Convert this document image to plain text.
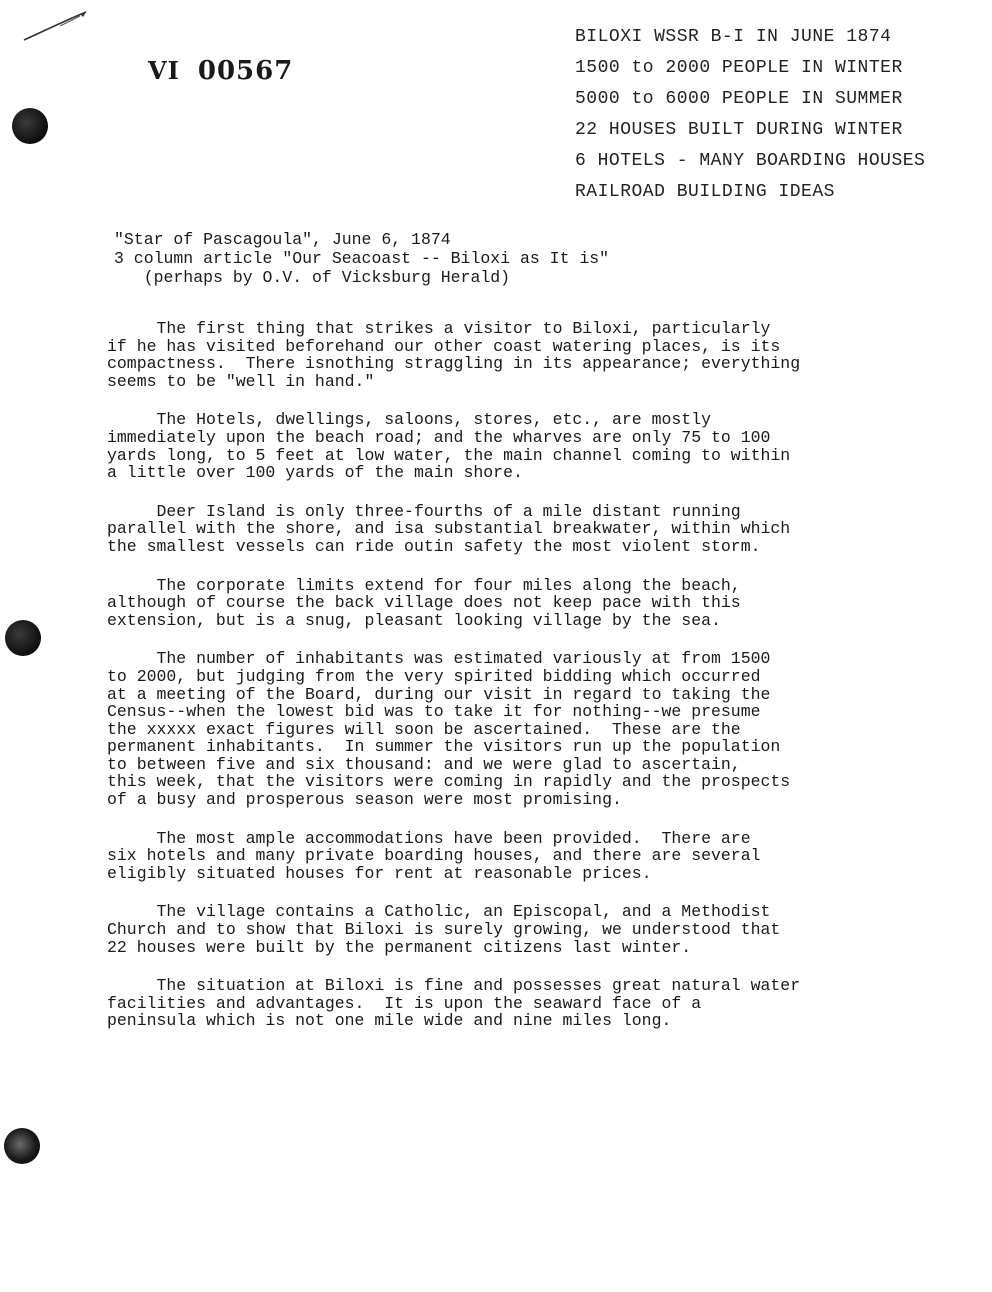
VI 00567
BILOXI WSSR B-I IN JUNE 1874
1500 to 2000 PEOPLE IN WINTER
5000 to 6000 PEOPLE IN SUMMER
22 HOUSES BUILT DURING WINTER
6 HOTELS - MANY BOARDING HOUSES
RAILROAD BUILDING IDEAS
"Star of Pascagoula", June 6, 1874
3 column article "Our Seacoast -- Biloxi as It is"
(perhaps by O.V. of Vicksburg Herald)
The first thing that strikes a visitor to Biloxi, particularly
if he has visited beforehand our other coast watering places, is its
compactness.  There isnothing straggling in its appearance; everything
seems to be "well in hand."
The Hotels, dwellings, saloons, stores, etc., are mostly
immediately upon the beach road; and the wharves are only 75 to 100
yards long, to 5 feet at low water, the main channel coming to within
a little over 100 yards of the main shore.
Deer Island is only three-fourths of a mile distant running
parallel with the shore, and isa substantial breakwater, within which
the smallest vessels can ride outin safety the most violent storm.
The corporate limits extend for four miles along the beach,
although of course the back village does not keep pace with this
extension, but is a snug, pleasant looking village by the sea.
The number of inhabitants was estimated variously at from 1500
to 2000, but judging from the very spirited bidding which occurred
at a meeting of the Board, during our visit in regard to taking the
Census--when the lowest bid was to take it for nothing--we presume
the xxxxx exact figures will soon be ascertained.  These are the
permanent inhabitants.  In summer the visitors run up the population
to between five and six thousand: and we were glad to ascertain,
this week, that the visitors were coming in rapidly and the prospects
of a busy and prosperous season were most promising.
The most ample accommodations have been provided.  There are
six hotels and many private boarding houses, and there are several
eligibly situated houses for rent at reasonable prices.
The village contains a Catholic, an Episcopal, and a Methodist
Church and to show that Biloxi is surely growing, we understood that
22 houses were built by the permanent citizens last winter.
The situation at Biloxi is fine and possesses great natural water
facilities and advantages.  It is upon the seaward face of a
peninsula which is not one mile wide and nine miles long.
